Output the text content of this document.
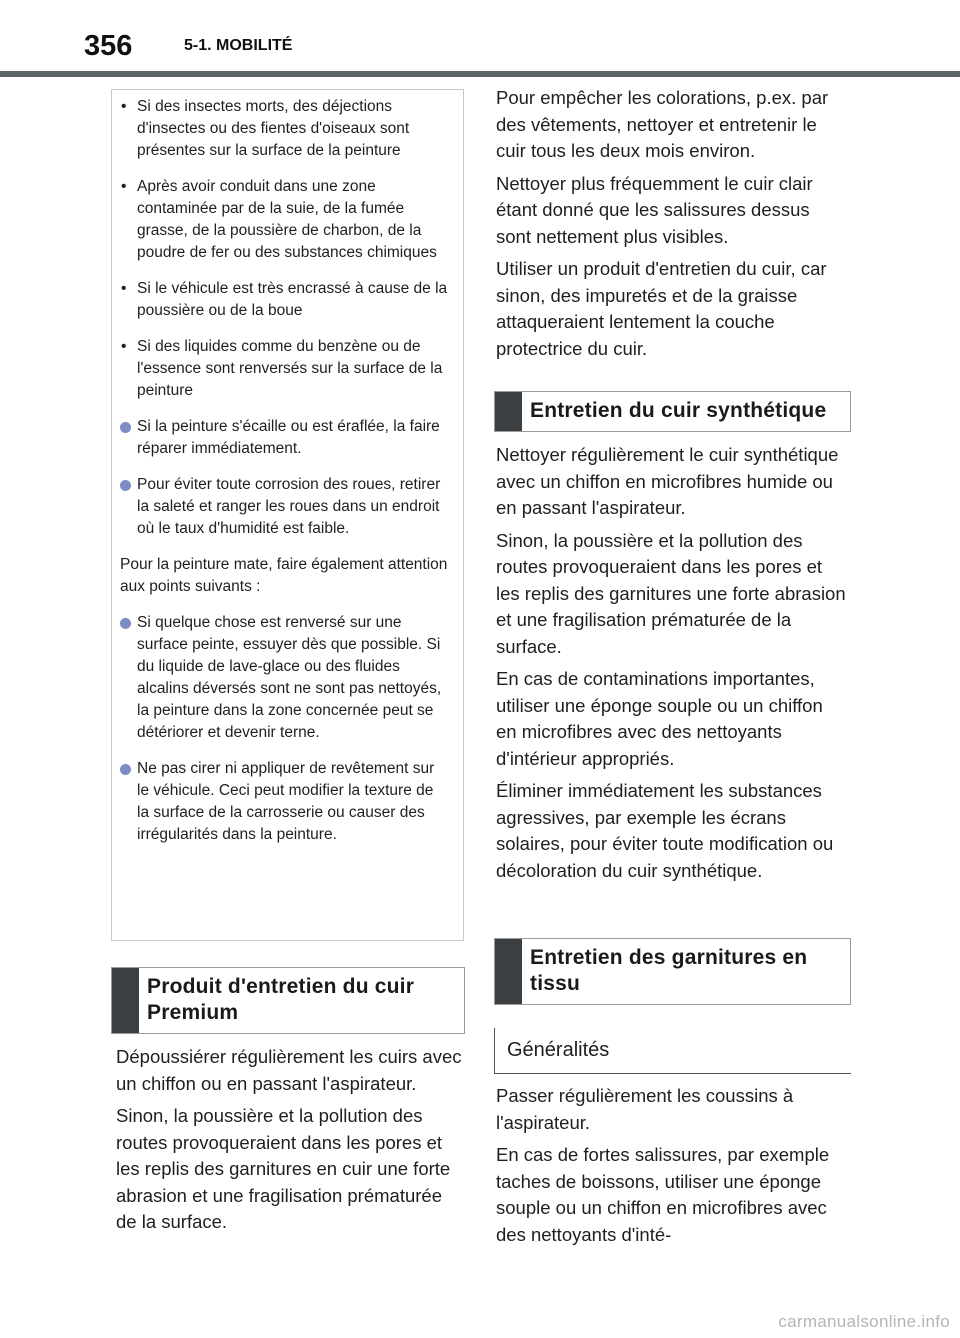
356	5-1. MOBILITÉ
• Si des insectes morts, des déjections d'insectes ou des fientes d'oiseaux sont présentes sur la surface de la peinture
• Après avoir conduit dans une zone contaminée par de la suie, de la fumée grasse, de la poussière de charbon, de la poudre de fer ou des substances chimiques
• Si le véhicule est très encrassé à cause de la poussière ou de la boue
• Si des liquides comme du benzène ou de l'essence sont renversés sur la surface de la peinture
Si la peinture s'écaille ou est éraflée, la faire réparer immédiatement.
Pour éviter toute corrosion des roues, retirer la saleté et ranger les roues dans un endroit où le taux d'humidité est faible.
Pour la peinture mate, faire également attention aux points suivants :
Si quelque chose est renversé sur une surface peinte, essuyer dès que possible. Si du liquide de lave-glace ou des fluides alcalins déversés sont ne sont pas nettoyés, la peinture dans la zone concernée peut se détériorer et devenir terne.
Ne pas cirer ni appliquer de revêtement sur le véhicule. Ceci peut modifier la texture de la surface de la carrosserie ou causer des irrégularités dans la peinture.
Produit d'entretien du cuir Premium

Dépoussiérer régulièrement les cuirs avec un chiffon ou en passant l'aspirateur.

Sinon, la poussière et la pollution des routes provoqueraient dans les pores et les replis des garnitures en cuir une forte abrasion et une fragilisation prématurée de la surface.

Pour empêcher les colorations, p.ex. par des vêtements, nettoyer et entretenir le cuir tous les deux mois environ.

Nettoyer plus fréquemment le cuir clair étant donné que les salissures dessus sont nettement plus visibles.

Utiliser un produit d'entretien du cuir, car sinon, des impuretés et de la graisse attaqueraient lentement la couche protectrice du cuir.

Entretien du cuir synthétique

Nettoyer régulièrement le cuir synthétique avec un chiffon en microfibres humide ou en passant l'aspirateur.

Sinon, la poussière et la pollution des routes provoqueraient dans les pores et les replis des garnitures une forte abrasion et une fragilisation prématurée de la surface.

En cas de contaminations importantes, utiliser une éponge souple ou un chiffon en microfibres avec des nettoyants d'intérieur appropriés.

Éliminer immédiatement les substances agressives, par exemple les écrans solaires, pour éviter toute modification ou décoloration du cuir synthétique.

Entretien des garnitures en tissu
Généralités

Passer régulièrement les coussins à l'aspirateur.

En cas de fortes salissures, par exemple taches de boissons, utiliser une éponge souple ou un chiffon en microfibres avec des nettoyants d'inté-

carmanualsonline.info
